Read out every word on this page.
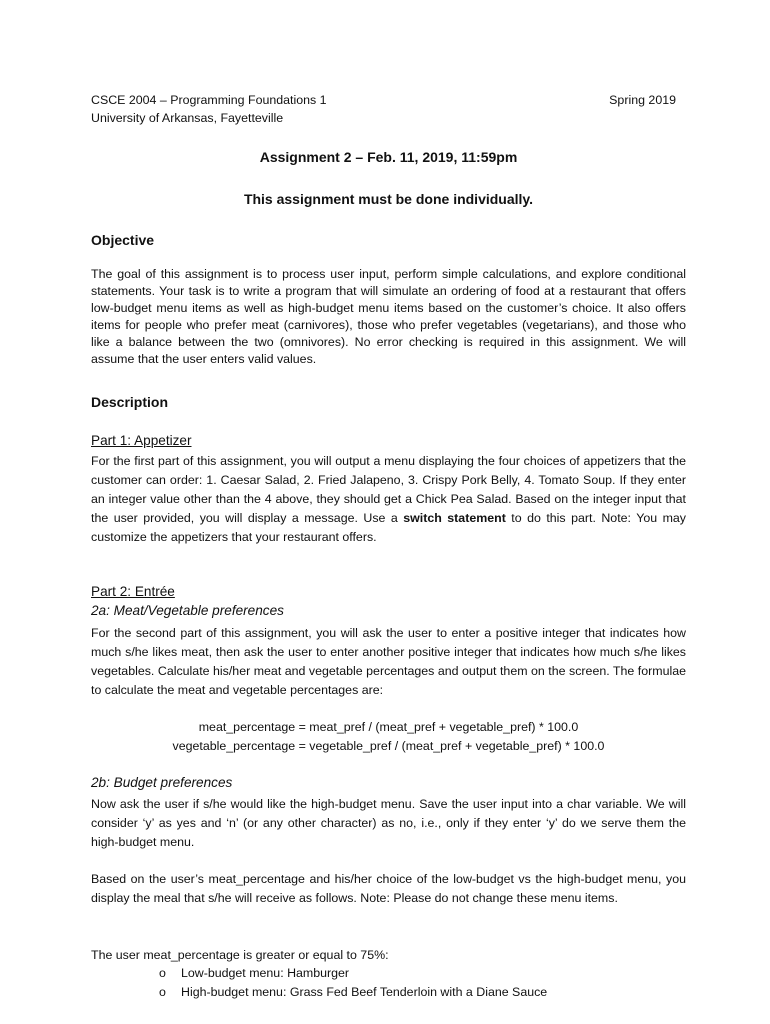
CSCE 2004 – Programming Foundations 1
University of Arkansas, Fayetteville
Spring 2019
Assignment 2 – Feb. 11, 2019, 11:59pm
This assignment must be done individually.
Objective
The goal of this assignment is to process user input, perform simple calculations, and explore conditional statements. Your task is to write a program that will simulate an ordering of food at a restaurant that offers low-budget menu items as well as high-budget menu items based on the customer’s choice. It also offers items for people who prefer meat (carnivores), those who prefer vegetables (vegetarians), and those who like a balance between the two (omnivores). No error checking is required in this assignment. We will assume that the user enters valid values.
Description
Part 1: Appetizer
For the first part of this assignment, you will output a menu displaying the four choices of appetizers that the customer can order: 1. Caesar Salad, 2. Fried Jalapeno, 3. Crispy Pork Belly, 4. Tomato Soup. If they enter an integer value other than the 4 above, they should get a Chick Pea Salad. Based on the integer input that the user provided, you will display a message. Use a switch statement to do this part. Note: You may customize the appetizers that your restaurant offers.
Part 2: Entrée
2a: Meat/Vegetable preferences
For the second part of this assignment, you will ask the user to enter a positive integer that indicates how much s/he likes meat, then ask the user to enter another positive integer that indicates how much s/he likes vegetables. Calculate his/her meat and vegetable percentages and output them on the screen. The formulae to calculate the meat and vegetable percentages are:
meat_percentage = meat_pref / (meat_pref + vegetable_pref) * 100.0
vegetable_percentage = vegetable_pref / (meat_pref + vegetable_pref) * 100.0
2b: Budget preferences
Now ask the user if s/he would like the high-budget menu. Save the user input into a char variable. We will consider ‘y’ as yes and ‘n’ (or any other character) as no, i.e., only if they enter ‘y’ do we serve them the high-budget menu.
Based on the user’s meat_percentage and his/her choice of the low-budget vs the high-budget menu, you display the meal that s/he will receive as follows. Note: Please do not change these menu items.
The user meat_percentage is greater or equal to 75%:
o Low-budget menu: Hamburger
o High-budget menu: Grass Fed Beef Tenderloin with a Diane Sauce
